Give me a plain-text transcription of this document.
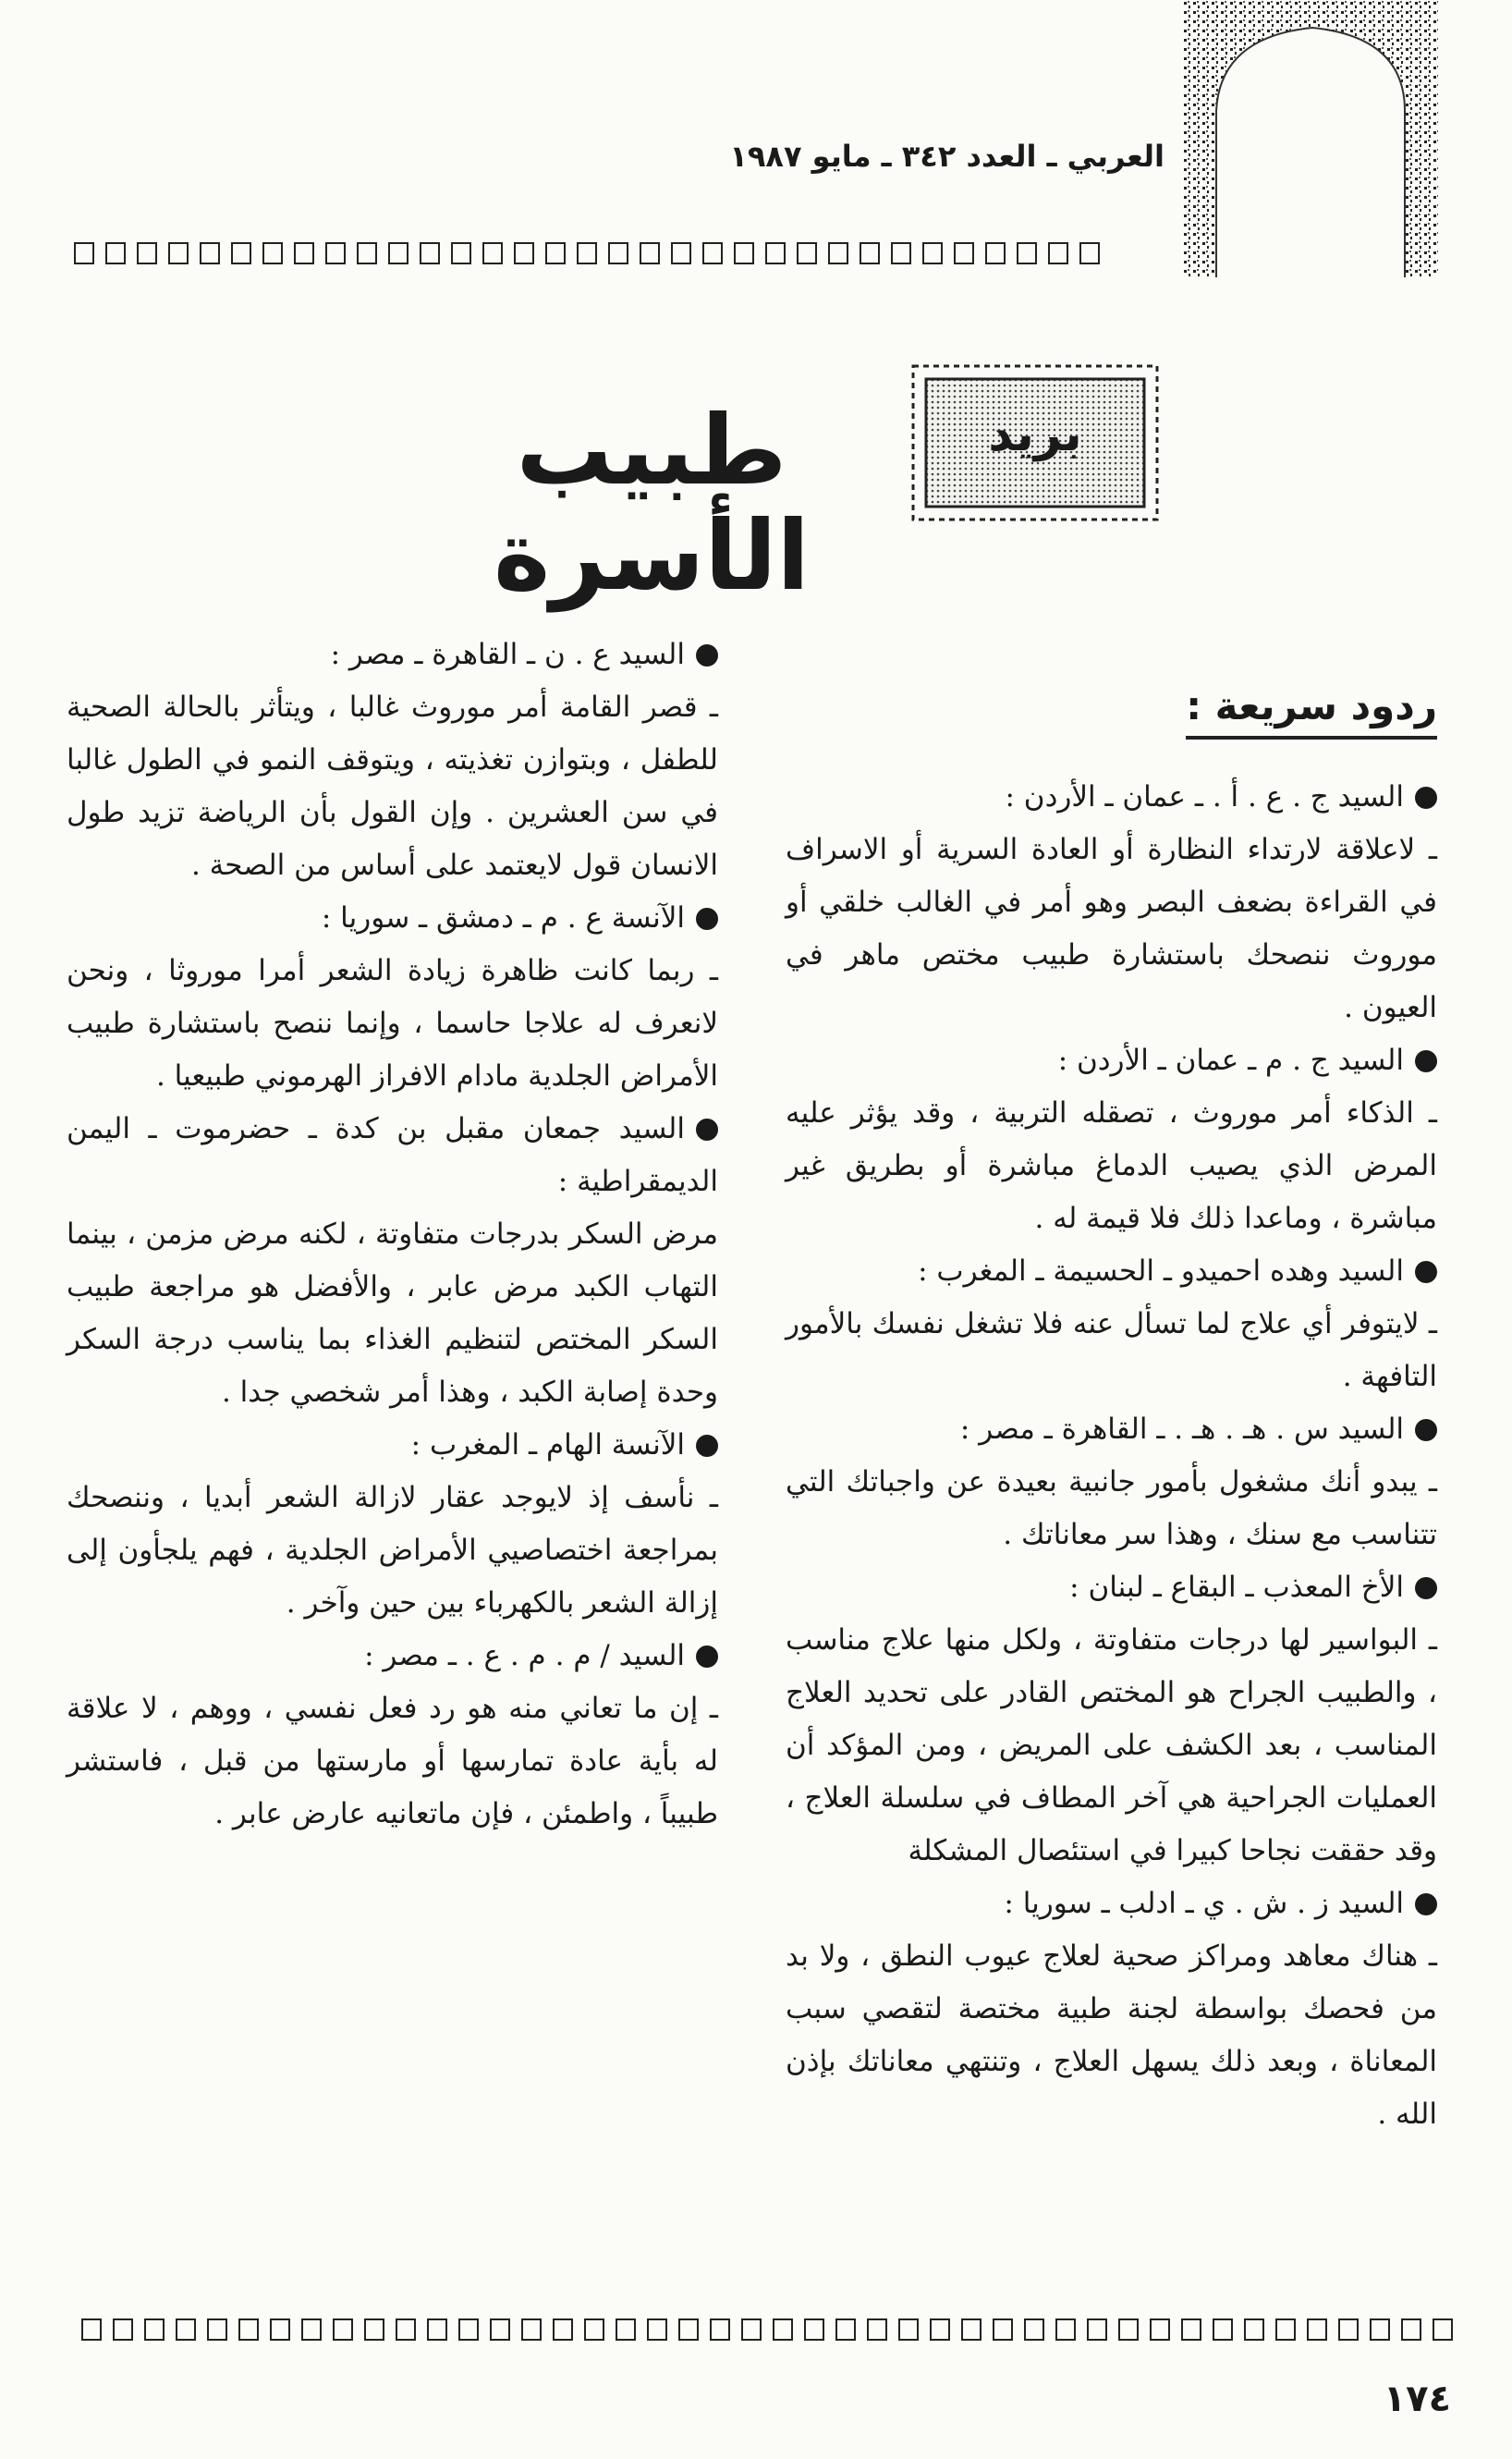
العربي ـ العدد ٣٤٢ ـ مايو ١٩٨٧
بريد
طبيب الأسرة
ردود سريعة :

السيد ج . ع . أ . ـ عمان ـ الأردن :

ـ لاعلاقة لارتداء النظارة أو العادة السرية أو الاسراف في القراءة بضعف البصر وهو أمر في الغالب خلقي أو موروث ننصحك باستشارة طبيب مختص ماهر في العيون .

السيد ج . م ـ عمان ـ الأردن :

ـ الذكاء أمر موروث ، تصقله التربية ، وقد يؤثر عليه المرض الذي يصيب الدماغ مباشرة أو بطريق غير مباشرة ، وماعدا ذلك فلا قيمة له .

السيد وهده احميدو ـ الحسيمة ـ المغرب :

ـ لايتوفر أي علاج لما تسأل عنه فلا تشغل نفسك بالأمور التافهة .

السيد س . هـ . هـ . ـ القاهرة ـ مصر :

ـ يبدو أنك مشغول بأمور جانبية بعيدة عن واجباتك التي تتناسب مع سنك ، وهذا سر معاناتك .

الأخ المعذب ـ البقاع ـ لبنان :

ـ البواسير لها درجات متفاوتة ، ولكل منها علاج مناسب ، والطبيب الجراح هو المختص القادر على تحديد العلاج المناسب ، بعد الكشف على المريض ، ومن المؤكد أن العمليات الجراحية هي آخر المطاف في سلسلة العلاج ، وقد حققت نجاحا كبيرا في استئصال المشكلة

السيد ز . ش . ي ـ ادلب ـ سوريا :

ـ هناك معاهد ومراكز صحية لعلاج عيوب النطق ، ولا بد من فحصك بواسطة لجنة طبية مختصة لتقصي سبب المعاناة ، وبعد ذلك يسهل العلاج ، وتنتهي معاناتك بإذن الله .

السيد ع . ن ـ القاهرة ـ مصر :

ـ قصر القامة أمر موروث غالبا ، ويتأثر بالحالة الصحية للطفل ، وبتوازن تغذيته ، ويتوقف النمو في الطول غالبا في سن العشرين . وإن القول بأن الرياضة تزيد طول الانسان قول لايعتمد على أساس من الصحة .

الآنسة ع . م ـ دمشق ـ سوريا :

ـ ربما كانت ظاهرة زيادة الشعر أمرا موروثا ، ونحن لانعرف له علاجا حاسما ، وإنما ننصح باستشارة طبيب الأمراض الجلدية مادام الافراز الهرموني طبيعيا .

السيد جمعان مقبل بن كدة ـ حضرموت ـ اليمن الديمقراطية :

مرض السكر بدرجات متفاوتة ، لكنه مرض مزمن ، بينما التهاب الكبد مرض عابر ، والأفضل هو مراجعة طبيب السكر المختص لتنظيم الغذاء بما يناسب درجة السكر وحدة إصابة الكبد ، وهذا أمر شخصي جدا .

الآنسة الهام ـ المغرب :

ـ نأسف إذ لايوجد عقار لازالة الشعر أبديا ، وننصحك بمراجعة اختصاصيي الأمراض الجلدية ، فهم يلجأون إلى إزالة الشعر بالكهرباء بين حين وآخر .

السيد / م . م . ع . ـ مصر :

ـ إن ما تعاني منه هو رد فعل نفسي ، ووهم ، لا علاقة له بأية عادة تمارسها أو مارستها من قبل ، فاستشر طبيباً ، واطمئن ، فإن ماتعانيه عارض عابر .

١٧٤
